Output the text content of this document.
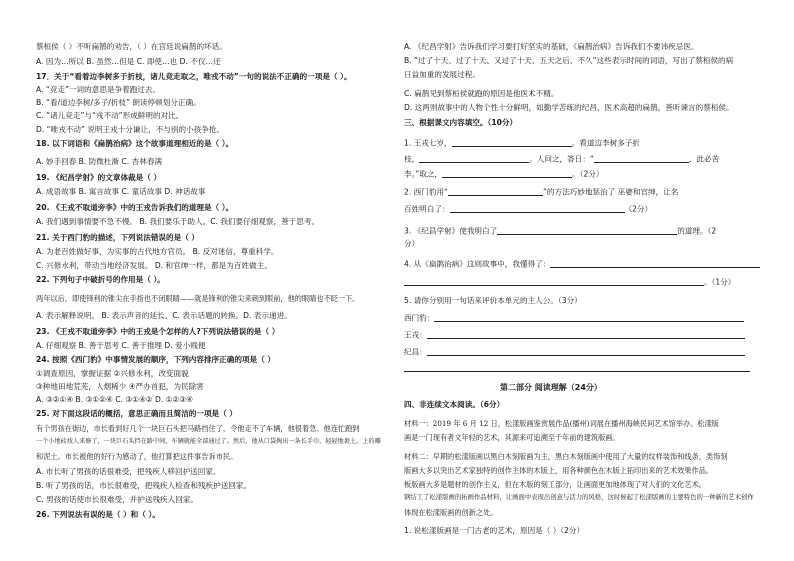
蔡桓侯（ ）不听扁鹊的劝告，（ ）在宫廷说扁鹊的坏话。
A. 因为…所以 B. 虽然…但是 C. 即使…也 D. 不仅…还
17．关于“看着边李树多于折枝，诸儿竞走取之，唯戎不动”一句的说法不正确的一项是（ ）。
A. “竞走”一词的意思是争着跑过去。
B. “看/道边李树/多子/折枝” 朗读停顿划分正确。
C. “诸儿竞走”与“戎不动”形成鲜明的对比。
D. “唯戎不动” 说明王戎十分谦让，不与别的小孩争抢。
18. 以下词语和《扁鹊治病》这个故事道理相近的是（ ）。
A. 妙手回春 B. 防微杜渐 C. 杏林春满
19. 《纪昌学射》的文章体裁是（ ）
A. 成语故事 B. 寓言故事 C. 童话故事 D. 神话故事
20. 《王戎不取道旁李》中的王戎告诉我们的道理是（ ）。
A. 我们遇到事情要不急不慢。 B. 我们要乐于助人。C. 我们要仔细观察，善于思考。
21. 关于西门豹的描述，下列说法错误的是（ ）
A. 为老百姓做好事，为实事的古代地方官员。 B. 反对迷信，尊重科学。
C. 兴修水利，带动当地经济发展。 D. 和官绅一样，都是为百姓做主。
22. 下列句子中破折号的作用是（ ）。
两年以后，即使锋利的锥尖在手指也不闭眼睛——就是锋利的锥尖来刺到眼前，他的眼睛也不眨一下。
A. 表示解释说明。 B. 表示声音的延长。C. 表示话题的转换。D. 表示递进。
23. 《王戎不取道旁李》中的王戎是个怎样的人?下列说法错误的是（ ）
A. 仔细观察 B. 善于思考 C. 善于推理 D. 爱小贱便
24. 按照《西门豹》中事情发展的顺序，下列内容排序正确的项是（ ）
①调查原因，掌握证据 ②兴修水利，改变面貌
③种地田地荒芜，人烟稀少 ④严办首犯，为民除害
A. ③②①④ B. ③①②④ C. ③①④② D. ①②③④
25. 对下面这段话的概括，意思正确而且简洁的一项是（ ）
有个男孩在街边，市长看到好几个一块巨石头把马路挡住了，令他走不了车辆，他很着急。他连忙跑到
一个小地砖找人来修了，一块巨石头挡在路中间，车辆就能全部通过了。然后，他从口袋掏出一条长手巾，轻轻地裹上，上的雕
和泥土。市长被他的好行为感动了，他打算把这件事告诉市民。
A. 市长听了男孩的话很难受，把残疾人移回护送回家。
B. 听了男孩的话，市长很难受，把残疾人检查和残疾护送回家。
C. 男孩的话使市长很难受，并护送残疾人回家。
26. 下列说法有误的是（ ）和（ ）。
A. 《纪昌学射》告诉我们学习要打好坚实的基础，《扁鹊治病》告诉我们不要讳疾忌医。
B. “过了十天、过了十天、又过了十天、五天之后、不久”这些表示时间的词语，写出了蔡桓侯的病
日益加重的发展过程。
C. 扁鹊见到蔡桓侯就跑的原因是他医术不精。
D. 这两则故事中的人物个性十分鲜明，如勤学苦练的纪昌、医术高超的扁鹊，善听谏言的蔡桓侯。
三、根据课文内容填空。（10分）
1. 王戎七岁，	。看道边李树多子折
枝，	。人问之，答日：“	，此必苦
李。”取之，	。（2分）
2. 西门豹用“	”的方法巧妙地惩治了 巫婆和官绅，让名
百姓明白了：	（2分）
3. 《纪昌学射》使我明白了	的道理。（2
分）
4. 从《扁鹊治病》这则故事中，我懂得了：
。（1分）
5. 请你分别用一句话来评价本单元的主人公。（3分）
西门豹：
王戎：
纪昌：
第二部分 阅读理解（24分）
四、非连续文本阅读。（6分）
材料一：2019 年 6 月 12 日，松漾版画鉴赏展作品(播州)词展在播州海峡民间艺术馆举办。松漾版
画是一门现有者文年轻的艺术，其源来可追溯至千年前的建筑版画。
材料二：早期的松漾版画以黑白木刻版画为主，黑白木刻版画中使用了大量的纹样装饰和线条，类饰刻
版画大多以突出艺术家独特的创作主体的木版上，用各种颜色在木版上拓印出来的艺术效果作品。
板版画大多是题材的创作主义，但在木版的刻工部分，让画面更加地体现了对人们的文化艺术。
钢结工了松漾版画的拓画作品材料，让画面中表现出创意与活力的风格，这时候起了松漾版画的主要特色的一种新的艺术创作
体现在松漾版画的创新之处。
1. 说松漾版画是一门古老的艺术，原因是（ ）（2分）
